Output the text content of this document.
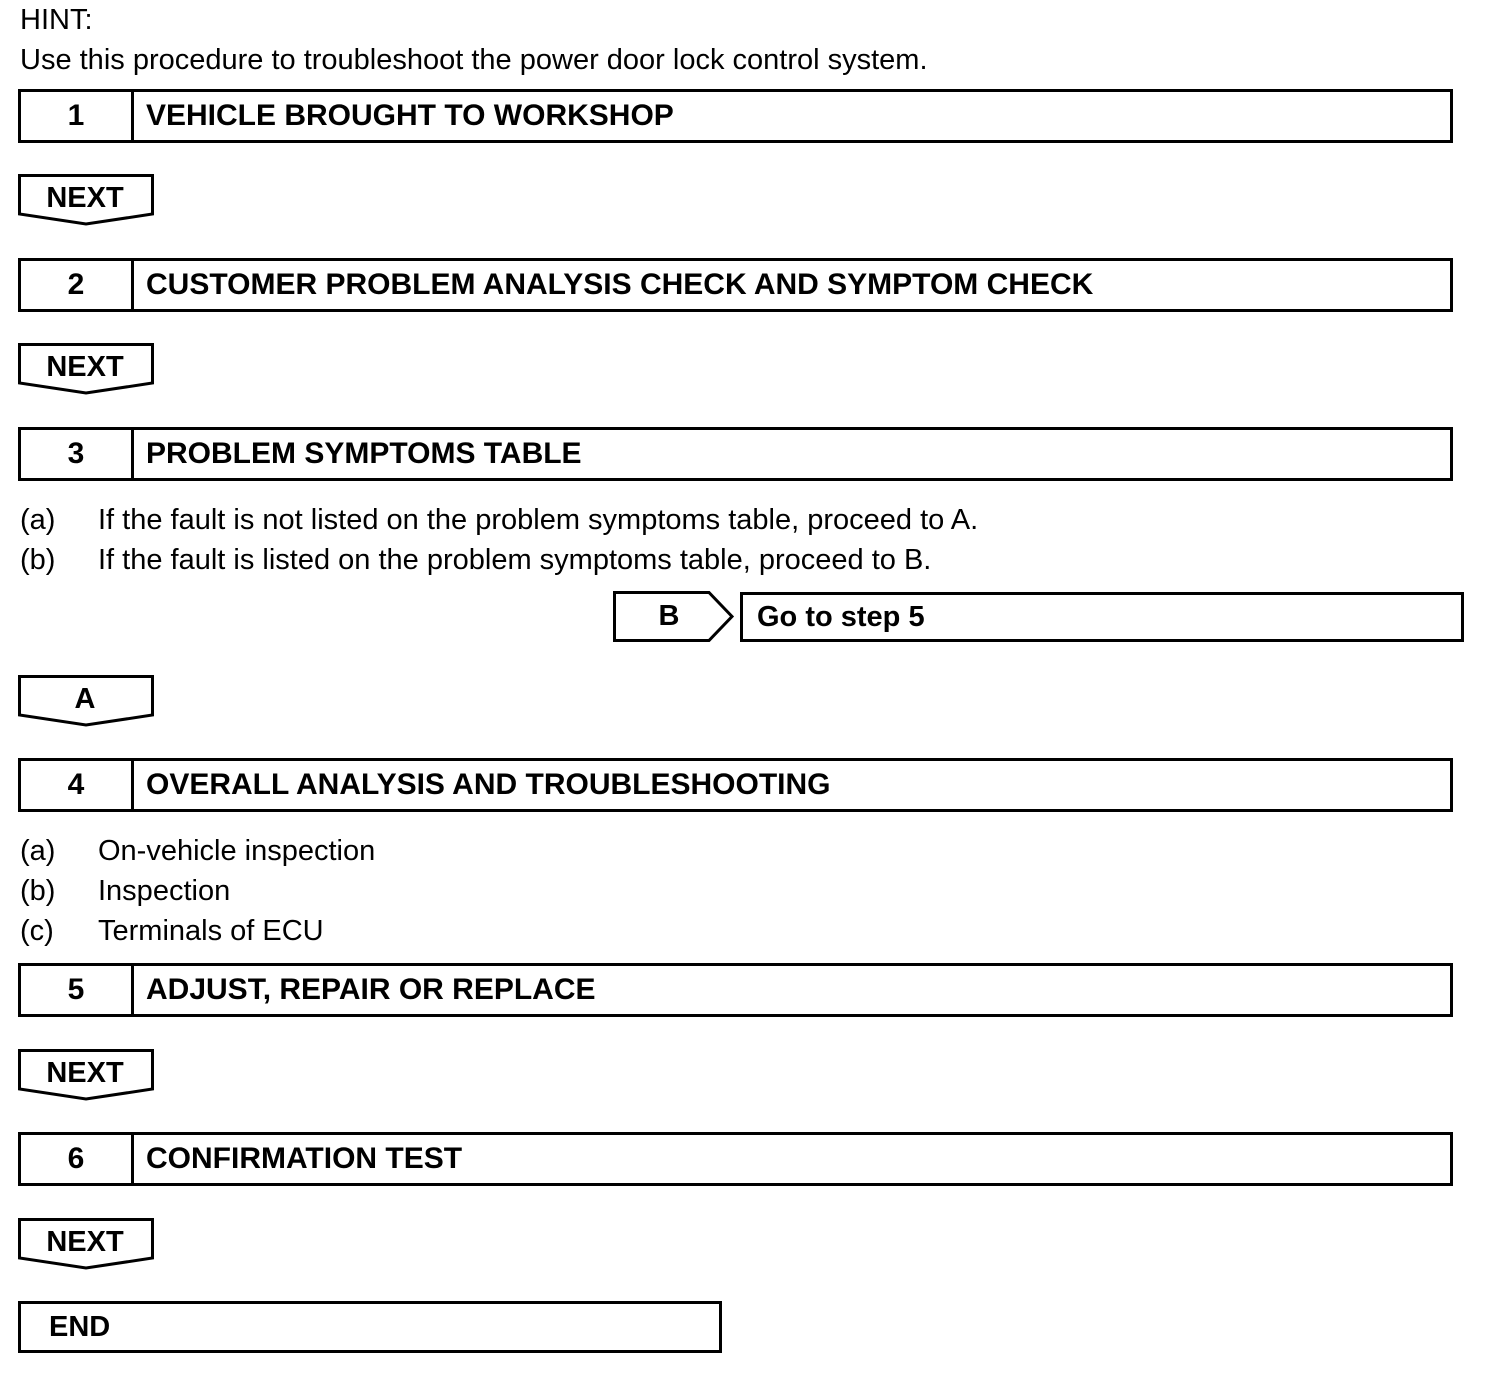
HINT:
Use this procedure to troubleshoot the power door lock control system.
1	VEHICLE BROUGHT TO WORKSHOP
NEXT
2	CUSTOMER PROBLEM ANALYSIS CHECK AND SYMPTOM CHECK
NEXT
3	PROBLEM SYMPTOMS TABLE
(a) If the fault is not listed on the problem symptoms table, proceed to A.
(b) If the fault is listed on the problem symptoms table, proceed to B.
B	Go to step 5
A
4	OVERALL ANALYSIS AND TROUBLESHOOTING
(a) On-vehicle inspection
(b) Inspection
(c) Terminals of ECU
5	ADJUST, REPAIR OR REPLACE
NEXT
6	CONFIRMATION TEST
NEXT
END
